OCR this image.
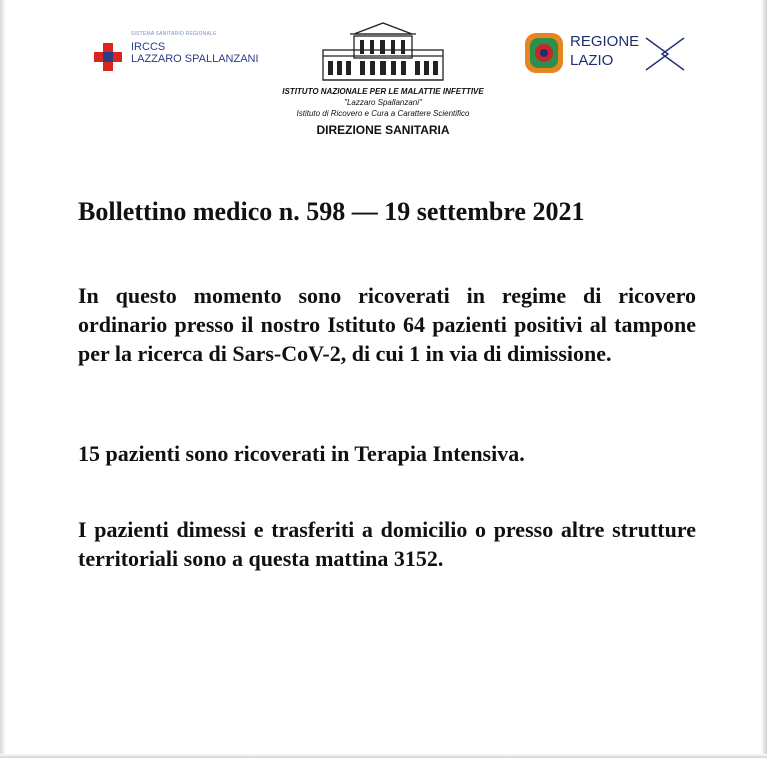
SISTEMA SANITARIO REGIONALE
IRCCS
LAZZARO SPALLANZANI
ISTITUTO NAZIONALE PER LE MALATTIE INFETTIVE
"Lazzaro Spallanzani"
Istituto di Ricovero e Cura a Carattere Scientifico
DIREZIONE SANITARIA
REGIONE
LAZIO
Bollettino medico n. 598 — 19 settembre 2021
In questo momento sono ricoverati in regime di ricovero ordinario presso il nostro Istituto 64 pazienti positivi al tampone per la ricerca di Sars-CoV-2, di cui 1 in via di dimissione.
15 pazienti sono ricoverati in Terapia Intensiva.
I pazienti dimessi e trasferiti a domicilio o presso altre strutture territoriali sono a questa mattina 3152.
